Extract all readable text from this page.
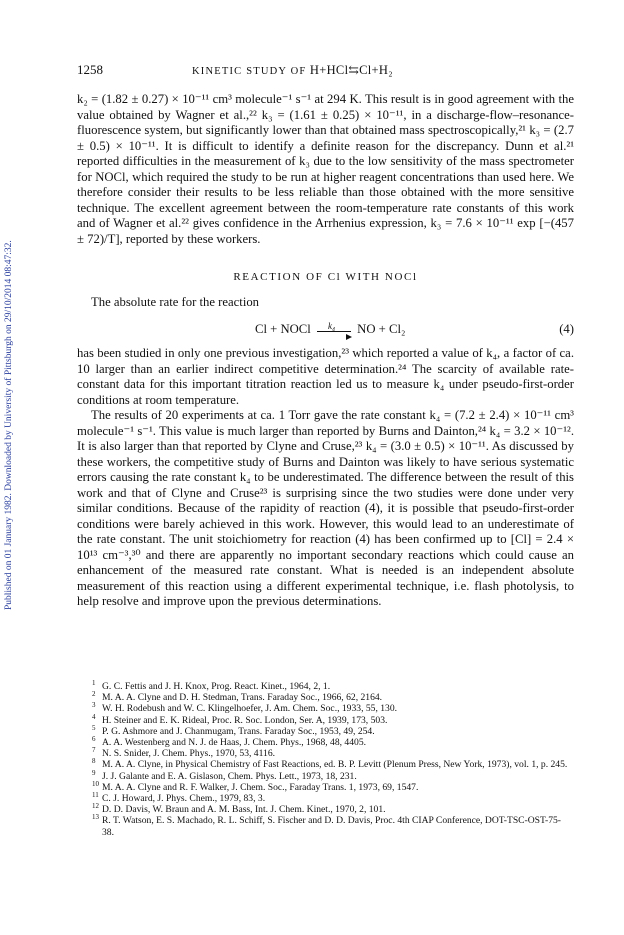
Published on 01 January 1982. Downloaded by University of Pittsburgh on 29/10/2014 08:47:32.
1258	KINETIC STUDY OF H+HCl⇆Cl+H₂

k₂ = (1.82 ± 0.27) × 10⁻¹¹ cm³ molecule⁻¹ s⁻¹ at 294 K. This result is in good agreement with the value obtained by Wagner et al.,²² k₃ = (1.61 ± 0.25) × 10⁻¹¹, in a discharge-flow–resonance-fluorescence system, but significantly lower than that obtained mass spectroscopically,²¹ k₃ = (2.7 ± 0.5) × 10⁻¹¹. It is difficult to identify a definite reason for the discrepancy. Dunn et al.²¹ reported difficulties in the measurement of k₃ due to the low sensitivity of the mass spectrometer for NOCl, which required the study to be run at higher reagent concentrations than used here. We therefore consider their results to be less reliable than those obtained with the more sensitive technique. The excellent agreement between the room-temperature rate constants of this work and of Wagner et al.²² gives confidence in the Arrhenius expression, k₃ = 7.6 × 10⁻¹¹ exp [−(457 ± 72)/T], reported by these workers.

REACTION OF Cl WITH NOCl

The absolute rate for the reaction

Cl + NOCl k₄ NO + Cl₂	(4)

has been studied in only one previous investigation,²³ which reported a value of k₄, a factor of ca. 10 larger than an earlier indirect competitive determination.²⁴ The scarcity of available rate-constant data for this important titration reaction led us to measure k₄ under pseudo-first-order conditions at room temperature.

The results of 20 experiments at ca. 1 Torr gave the rate constant k₄ = (7.2 ± 2.4) × 10⁻¹¹ cm³ molecule⁻¹ s⁻¹. This value is much larger than reported by Burns and Dainton,²⁴ k₄ = 3.2 × 10⁻¹². It is also larger than that reported by Clyne and Cruse,²³ k₄ = (3.0 ± 0.5) × 10⁻¹¹. As discussed by these workers, the competitive study of Burns and Dainton was likely to have serious systematic errors causing the rate constant k₄ to be underestimated. The difference between the result of this work and that of Clyne and Cruse²³ is surprising since the two studies were done under very similar conditions. Because of the rapidity of reaction (4), it is possible that pseudo-first-order conditions were barely achieved in this work. However, this would lead to an underestimate of the rate constant. The unit stoichiometry for reaction (4) has been confirmed up to [Cl] = 2.4 × 10¹³ cm⁻³,³⁰ and there are apparently no important secondary reactions which could cause an enhancement of the measured rate constant. What is needed is an independent absolute measurement of this reaction using a different experimental technique, i.e. flash photolysis, to help resolve and improve upon the previous determinations.

1 G. C. Fettis and J. H. Knox, Prog. React. Kinet., 1964, 2, 1.
2 M. A. A. Clyne and D. H. Stedman, Trans. Faraday Soc., 1966, 62, 2164.
3 W. H. Rodebush and W. C. Klingelhoefer, J. Am. Chem. Soc., 1933, 55, 130.
4 H. Steiner and E. K. Rideal, Proc. R. Soc. London, Ser. A, 1939, 173, 503.
5 P. G. Ashmore and J. Chanmugam, Trans. Faraday Soc., 1953, 49, 254.
6 A. A. Westenberg and N. J. de Haas, J. Chem. Phys., 1968, 48, 4405.
7 N. S. Snider, J. Chem. Phys., 1970, 53, 4116.
8 M. A. A. Clyne, in Physical Chemistry of Fast Reactions, ed. B. P. Levitt (Plenum Press, New York, 1973), vol. 1, p. 245.
9 J. J. Galante and E. A. Gislason, Chem. Phys. Lett., 1973, 18, 231.
10 M. A. A. Clyne and R. F. Walker, J. Chem. Soc., Faraday Trans. 1, 1973, 69, 1547.
11 C. J. Howard, J. Phys. Chem., 1979, 83, 3.
12 D. D. Davis, W. Braun and A. M. Bass, Int. J. Chem. Kinet., 1970, 2, 101.
13 R. T. Watson, E. S. Machado, R. L. Schiff, S. Fischer and D. D. Davis, Proc. 4th CIAP Conference, DOT-TSC-OST-75-38.
